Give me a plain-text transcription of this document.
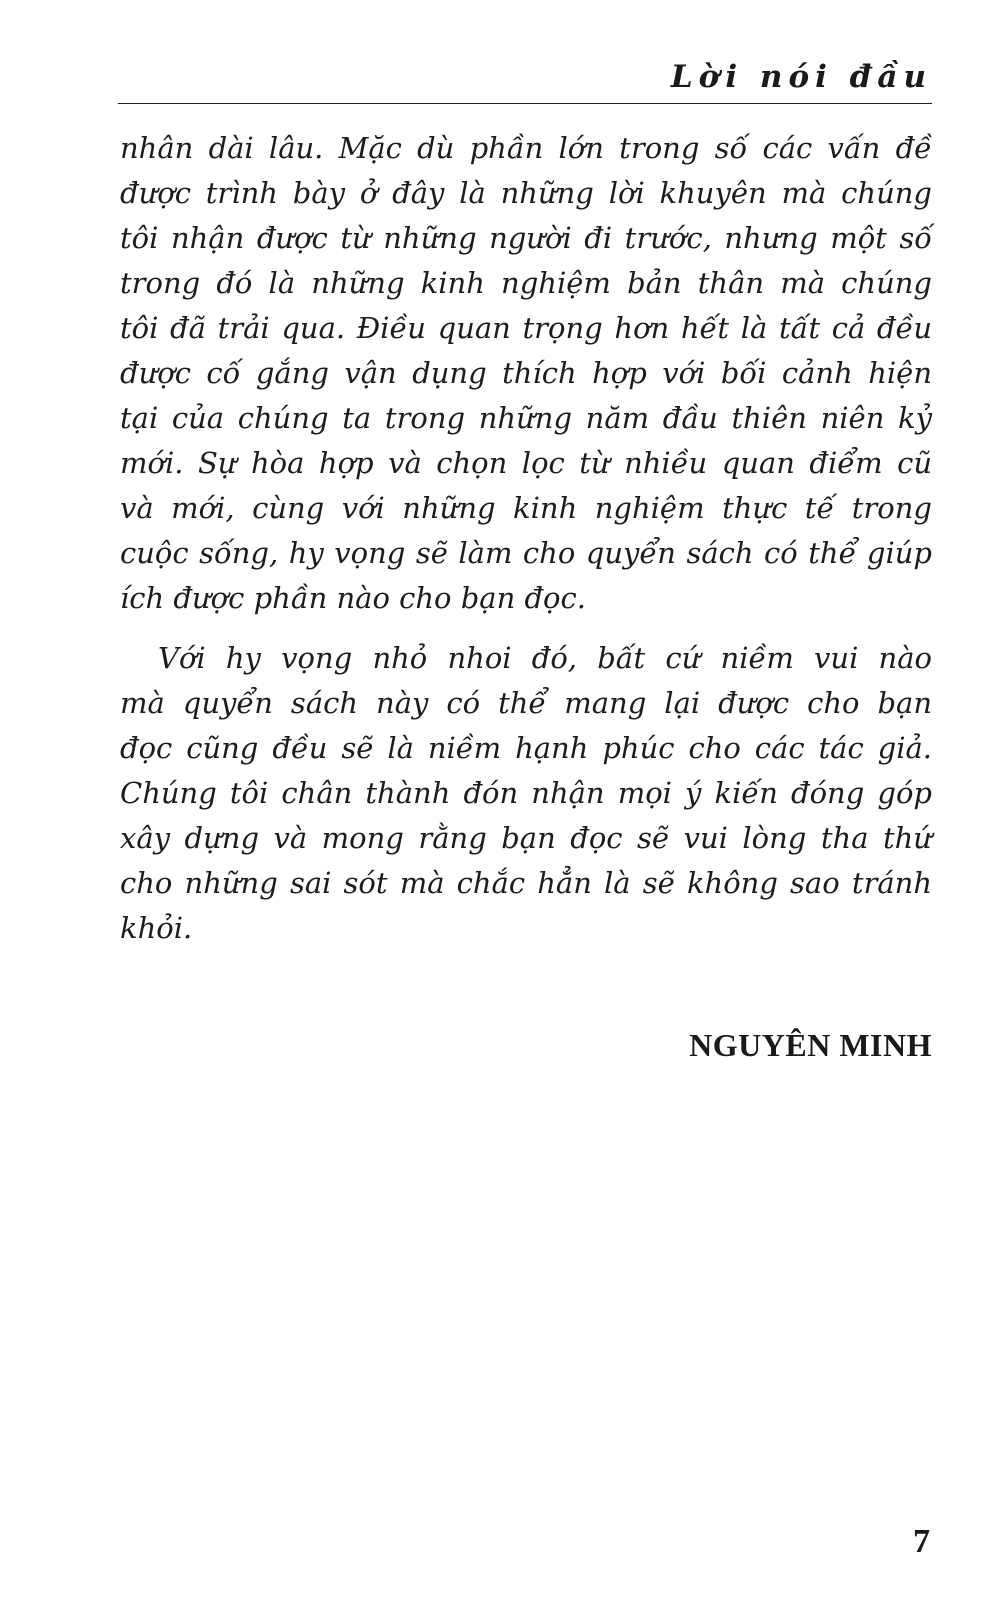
Lời nói đầu
nhân dài lâu. Mặc dù phần lớn trong số các vấn đề
được trình bày ở đây là những lời khuyên mà chúng
tôi nhận được từ những người đi trước, nhưng một số
trong đó là những kinh nghiệm bản thân mà chúng
tôi đã trải qua. Điều quan trọng hơn hết là tất cả đều
được cố gắng vận dụng thích hợp với bối cảnh hiện
tại của chúng ta trong những năm đầu thiên niên kỷ
mới. Sự hòa hợp và chọn lọc từ nhiều quan điểm cũ
và mới, cùng với những kinh nghiệm thực tế trong
cuộc sống, hy vọng sẽ làm cho quyển sách có thể giúp
ích được phần nào cho bạn đọc.
Với hy vọng nhỏ nhoi đó, bất cứ niềm vui nào
mà quyển sách này có thể mang lại được cho bạn
đọc cũng đều sẽ là niềm hạnh phúc cho các tác giả.
Chúng tôi chân thành đón nhận mọi ý kiến đóng góp
xây dựng và mong rằng bạn đọc sẽ vui lòng tha thứ
cho những sai sót mà chắc hẳn là sẽ không sao tránh
khỏi.
NGUYÊN MINH
7
